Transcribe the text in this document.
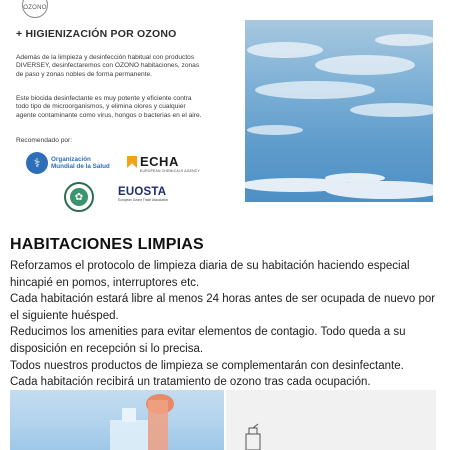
OZONO
+ HIGIENIZACIÓN POR OZONO
Además de la limpieza y desinfección habitual con productos DIVERSEY, desinfectaremos con OZONO habitaciones, zonas de paso y zonas nobles de forma permanente.
Este biocida desinfectante es muy potente y eficiente contra todo tipo de microorganismos, y elimina olores y cualquier agente contaminante como virus, hongos o bacterias en el aire.
Recomendado por:
⚕	Organización
Mundial de la Salud ECHA
EUROPEAN CHEMICALS AGENCY
✿	EUOSTA
European Ozone Trade Association
HABITACIONES LIMPIAS

Reforzamos el protocolo de limpieza diaria de su habitación haciendo especial hincapié en pomos, interruptores etc.

Cada habitación estará libre al menos 24 horas antes de ser ocupada de nuevo por el siguiente huésped.

Reducimos los amenities para evitar elementos de contagio. Todo queda a su disposición en recepción si lo precisa.

Todos nuestros productos de limpieza se complementarán con desinfectante.

Cada habitación recibirá un tratamiento de ozono tras cada ocupación.
